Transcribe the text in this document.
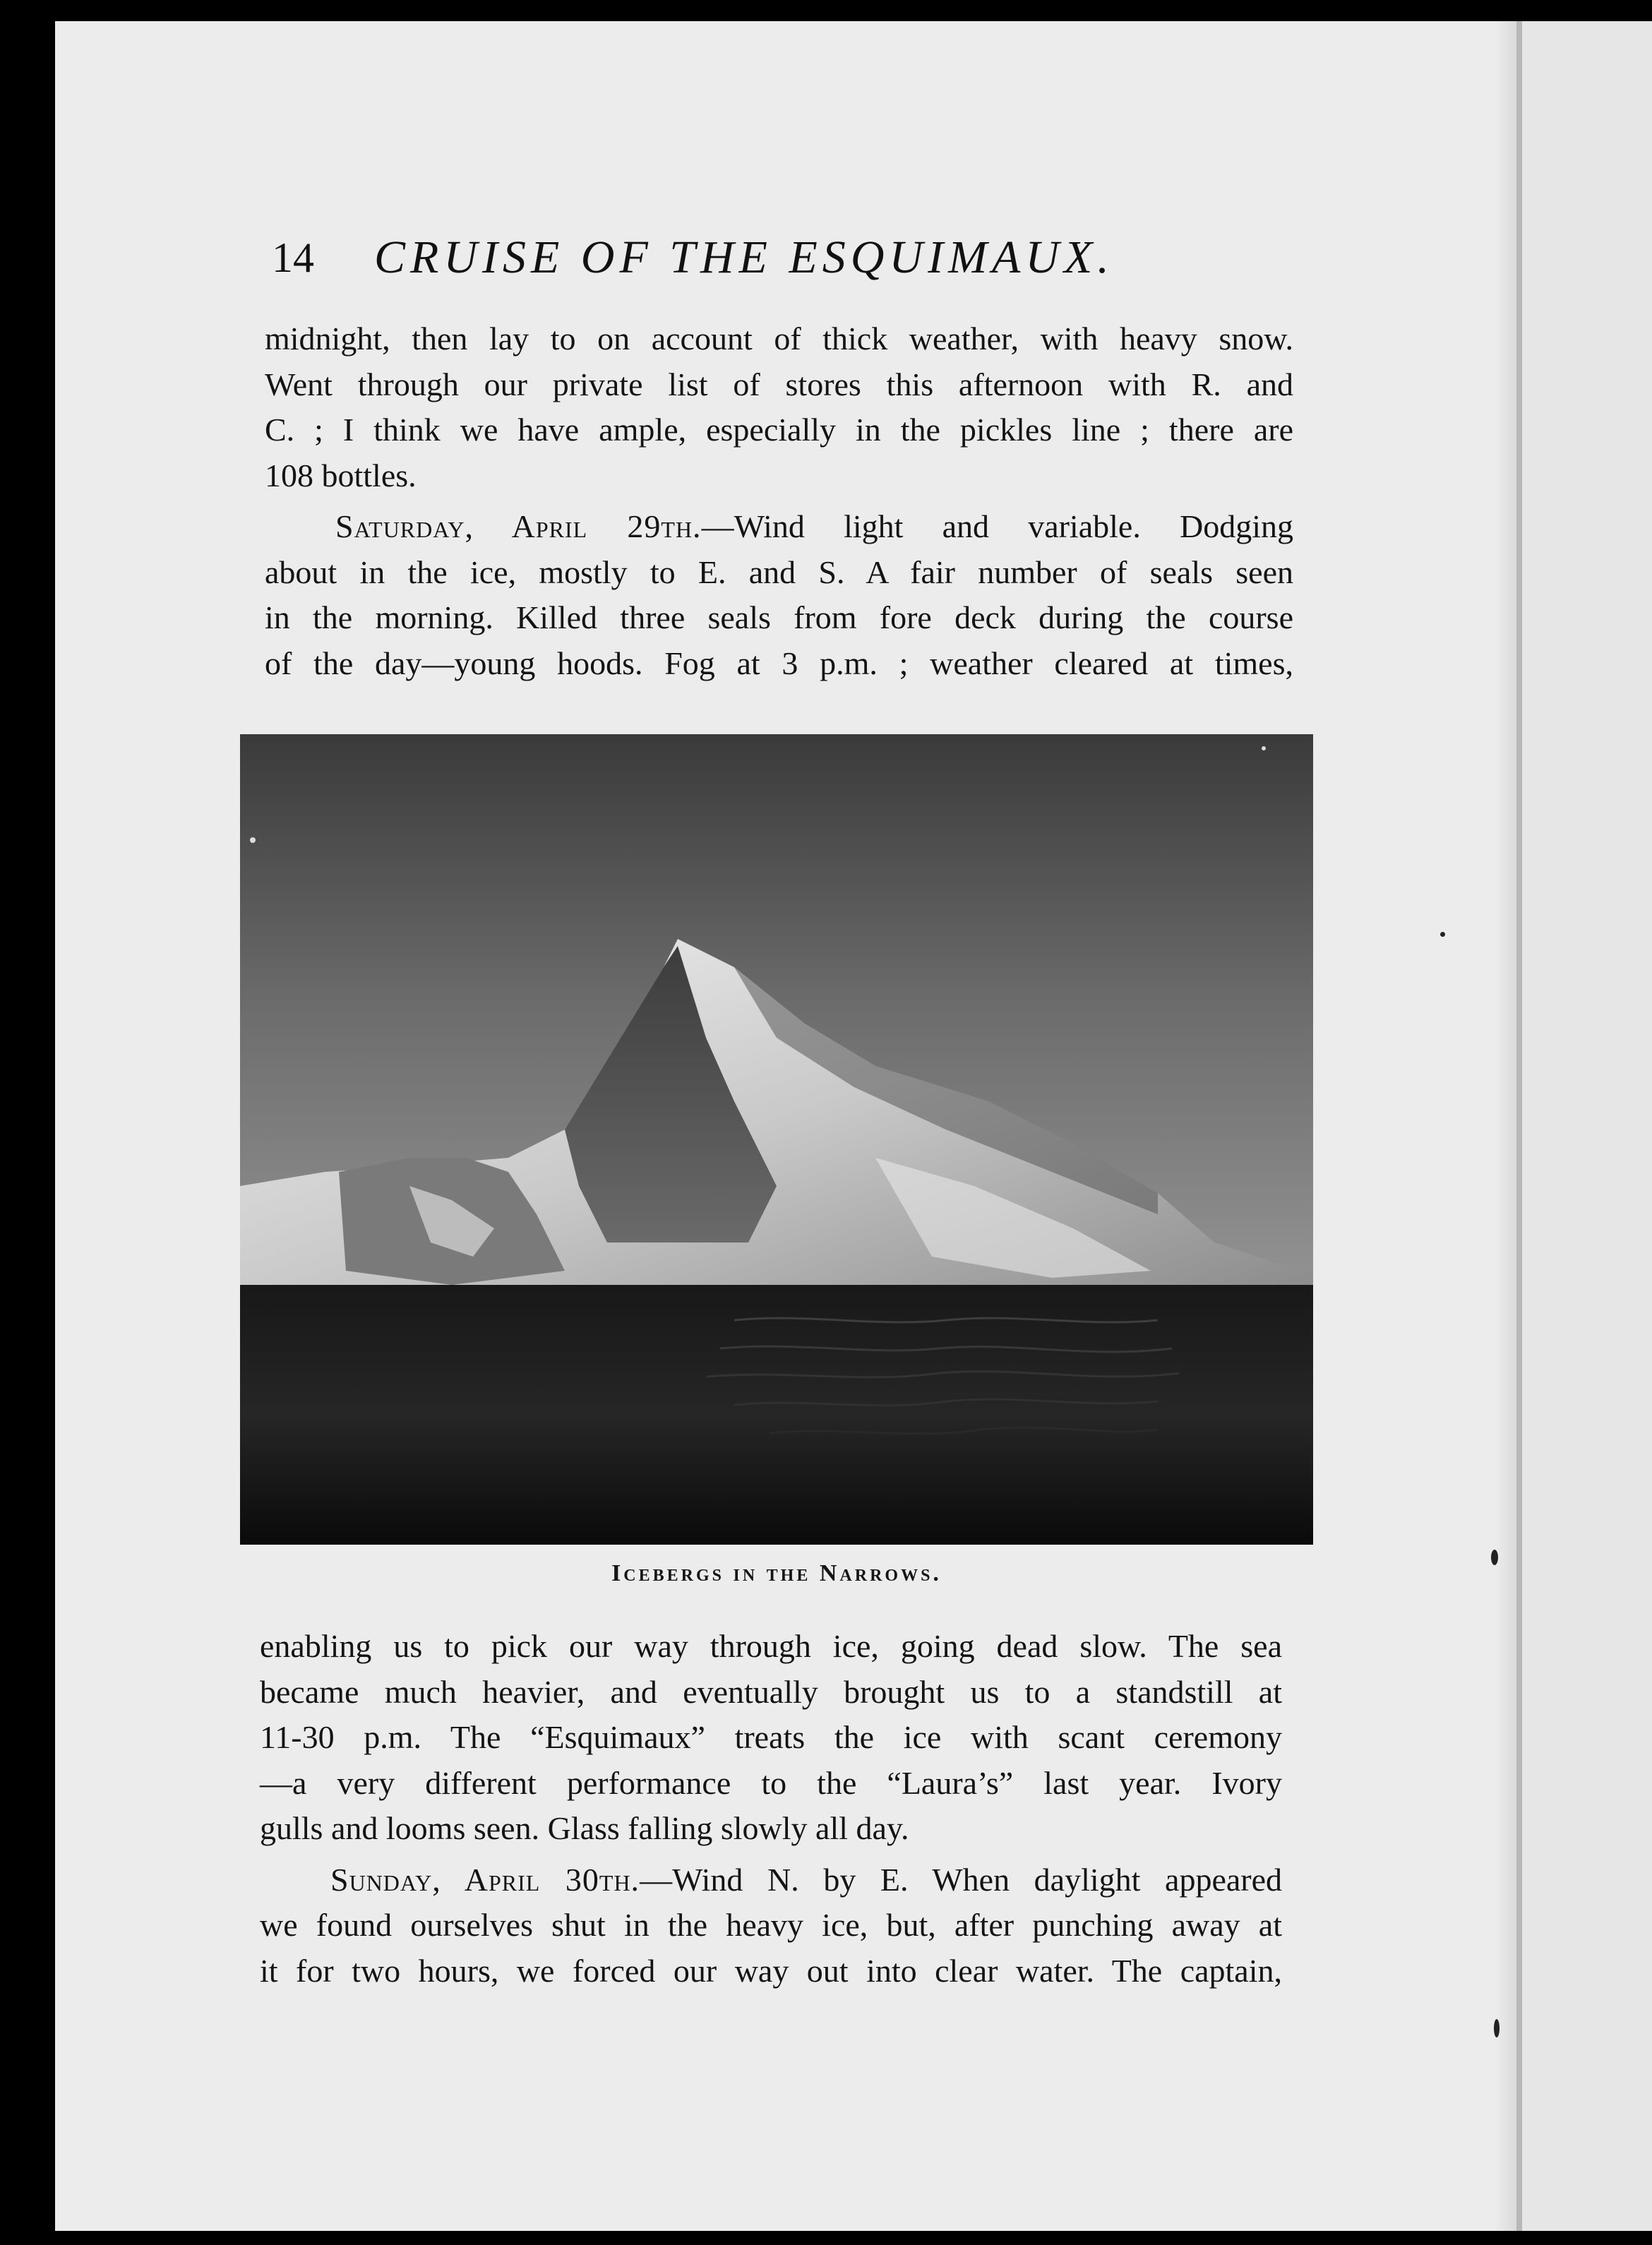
14 CRUISE OF THE ESQUIMAUX.

midnight, then lay to on account of thick weather, with heavy snow.
Went through our private list of stores this afternoon with R. and
C. ; I think we have ample, especially in the pickles line ; there are
108 bottles.

Saturday, April 29th.—Wind light and variable. Dodging
about in the ice, mostly to E. and S. A fair number of seals seen
in the morning. Killed three seals from fore deck during the course
of the day—young hoods. Fog at 3 p.m. ; weather cleared at times,

Icebergs in the Narrows.

enabling us to pick our way through ice, going dead slow. The sea
became much heavier, and eventually brought us to a standstill at
11-30 p.m. The “Esquimaux” treats the ice with scant ceremony
—a very different performance to the “Laura’s” last year. Ivory
gulls and looms seen. Glass falling slowly all day.

Sunday, April 30th.—Wind N. by E. When daylight appeared
we found ourselves shut in the heavy ice, but, after punching away at
it for two hours, we forced our way out into clear water. The captain,
